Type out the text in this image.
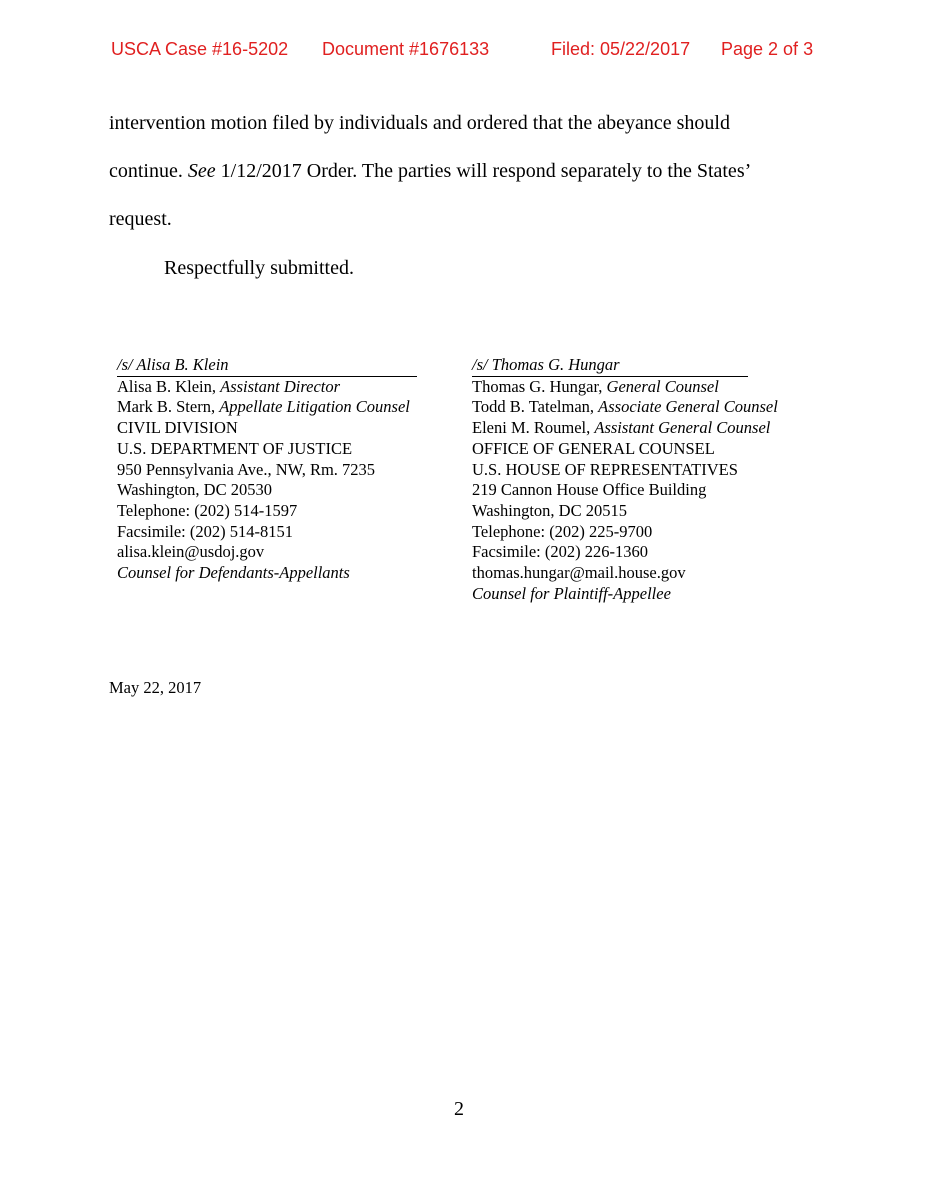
USCA Case #16-5202 Document #1676133	Filed: 05/22/2017 Page 2 of 3
intervention motion filed by individuals and ordered that the abeyance should
continue. See 1/12/2017 Order. The parties will respond separately to the States’
request.
Respectfully submitted.
/s/ Alisa B. Klein
Alisa B. Klein, Assistant Director
Mark B. Stern, Appellate Litigation Counsel
CIVIL DIVISION
U.S. DEPARTMENT OF JUSTICE
950 Pennsylvania Ave., NW, Rm. 7235
Washington, DC 20530
Telephone: (202) 514-1597
Facsimile: (202) 514-8151
alisa.klein@usdoj.gov
Counsel for Defendants-Appellants
/s/ Thomas G. Hungar
Thomas G. Hungar, General Counsel
Todd B. Tatelman, Associate General Counsel
Eleni M. Roumel, Assistant General Counsel
OFFICE OF GENERAL COUNSEL
U.S. HOUSE OF REPRESENTATIVES
219 Cannon House Office Building
Washington, DC 20515
Telephone: (202) 225-9700
Facsimile: (202) 226-1360
thomas.hungar@mail.house.gov
Counsel for Plaintiff-Appellee
May 22, 2017
2
